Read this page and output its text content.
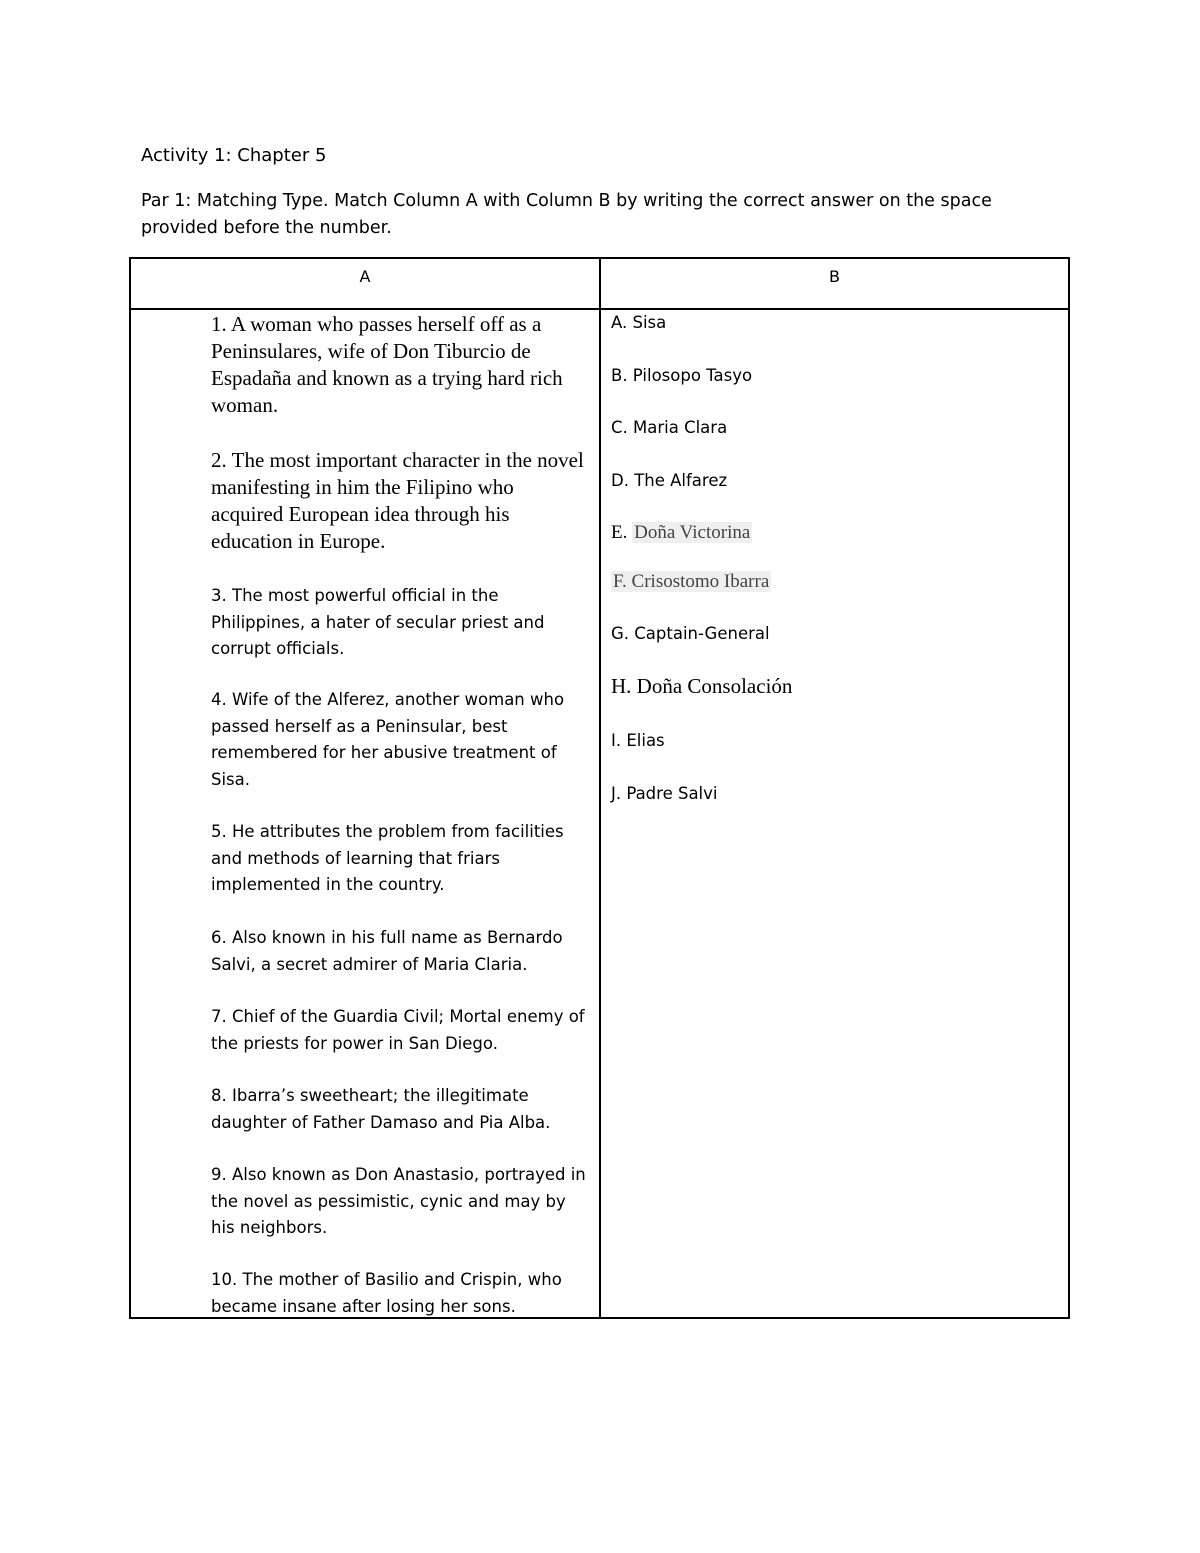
Activity 1: Chapter 5
Par 1: Matching Type. Match Column A with Column B by writing the correct answer on the space provided before the number.
A	B

1. A woman who passes herself off as a Peninsulares, wife of Don Tiburcio de Espadaña and known as a trying hard rich woman.

2. The most important character in the novel manifesting in him the Filipino who acquired European idea through his education in Europe.

3. The most powerful official in the Philippines, a hater of secular priest and corrupt officials.

4. Wife of the Alferez, another woman who passed herself as a Peninsular, best remembered for her abusive treatment of Sisa.

5. He attributes the problem from facilities and methods of learning that friars implemented in the country.

6. Also known in his full name as Bernardo Salvi, a secret admirer of Maria Claria.

7. Chief of the Guardia Civil; Mortal enemy of the priests for power in San Diego.

8. Ibarra’s sweetheart; the illegitimate daughter of Father Damaso and Pia Alba.

9. Also known as Don Anastasio, portrayed in the novel as pessimistic, cynic and may by his neighbors.

10. The mother of Basilio and Crispin, who became insane after losing her sons.

A. Sisa
B. Pilosopo Tasyo
C. Maria Clara
D. The Alfarez
E. Doña Victorina
F. Crisostomo Ibarra
G. Captain-General
H. Doña Consolación
I. Elias
J. Padre Salvi
